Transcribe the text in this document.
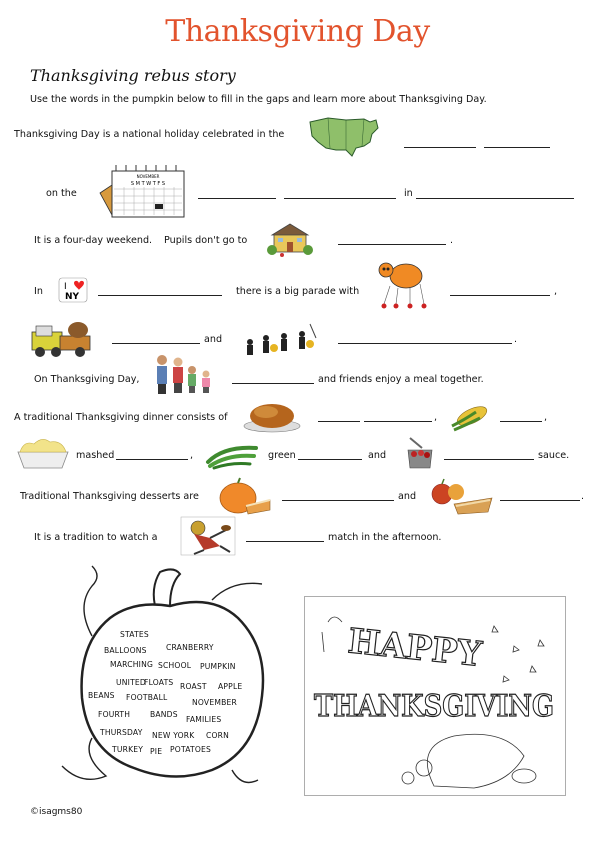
Thanksgiving Day
Thanksgiving rebus story
Use the words in the pumpkin below to fill in the gaps and learn more about Thanksgiving Day.
Thanksgiving Day is a national holiday celebrated in the
on the
NOVEMBER
S M T W T F S
in
It is a four-day weekend. Pupils don't go to	.
In I
NY	there is a big parade with	,
and	.
On Thanksgiving Day,	and friends enjoy a meal together.
A traditional Thanksgiving dinner consists of	,	,
mashed	,	green	and	sauce.
Traditional Thanksgiving desserts are	and	.
It is a tradition to watch a	match in the afternoon.
STATES
BALLOONS	CRANBERRY
MARCHING SCHOOL PUMPKIN
UNITED
FLOATS ROAST APPLE
BEANS FOOTBALL
NOVEMBER
FOURTH	BANDS
FAMILIES
THURSDAY NEW YORK CORN
TURKEY PIE POTATOES
HAPPY
THANKSGIVING
©isagms80
